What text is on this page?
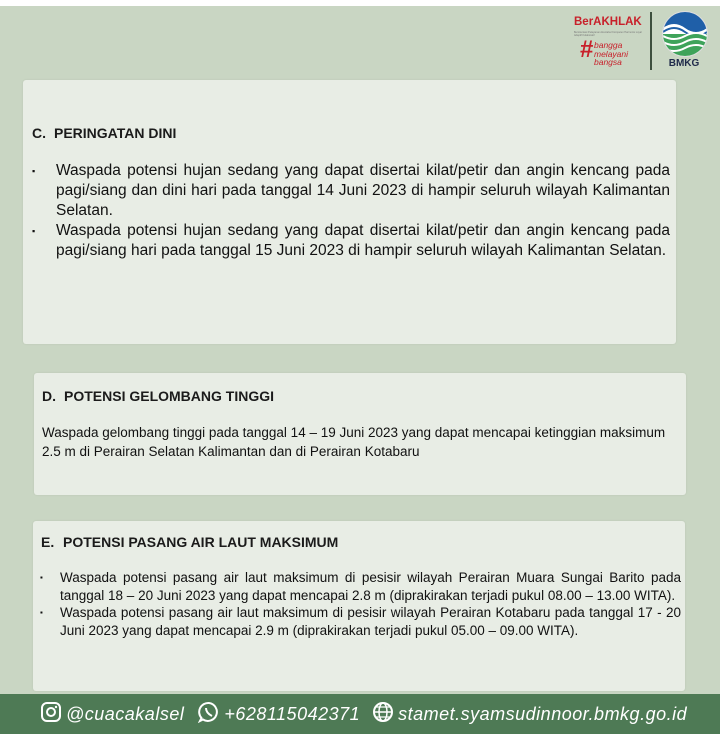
BerAKHLAK
Berorientasi Pelayanan Akuntabel Kompeten Harmonis Loyal Adaptif Kolaboratif
# bangga
melayani
bangsa	BMKG
C. PERINGATAN DINI
▪ Waspada potensi hujan sedang yang dapat disertai kilat/petir dan angin kencang pada pagi/siang dan dini hari pada tanggal 14 Juni 2023 di hampir seluruh wilayah Kalimantan Selatan.
▪ Waspada potensi hujan sedang yang dapat disertai kilat/petir dan angin kencang pada pagi/siang hari pada tanggal 15 Juni 2023 di hampir seluruh wilayah Kalimantan Selatan.
D. POTENSI GELOMBANG TINGGI
Waspada gelombang tinggi pada tanggal 14 – 19 Juni 2023 yang dapat mencapai ketinggian maksimum 2.5 m di Perairan Selatan Kalimantan dan di Perairan Kotabaru
E. POTENSI PASANG AIR LAUT MAKSIMUM
▪ Waspada potensi pasang air laut maksimum di pesisir wilayah Perairan Muara Sungai Barito pada tanggal 18 – 20 Juni 2023 yang dapat mencapai 2.8 m (diprakirakan terjadi pukul 08.00 – 13.00 WITA).
▪ Waspada potensi pasang air laut maksimum di pesisir wilayah Perairan Kotabaru pada tanggal 17 - 20 Juni 2023 yang dapat mencapai 2.9 m (diprakirakan terjadi pukul 05.00 – 09.00 WITA).
@cuacakalsel +628115042371 stamet.syamsudinnoor.bmkg.go.id
